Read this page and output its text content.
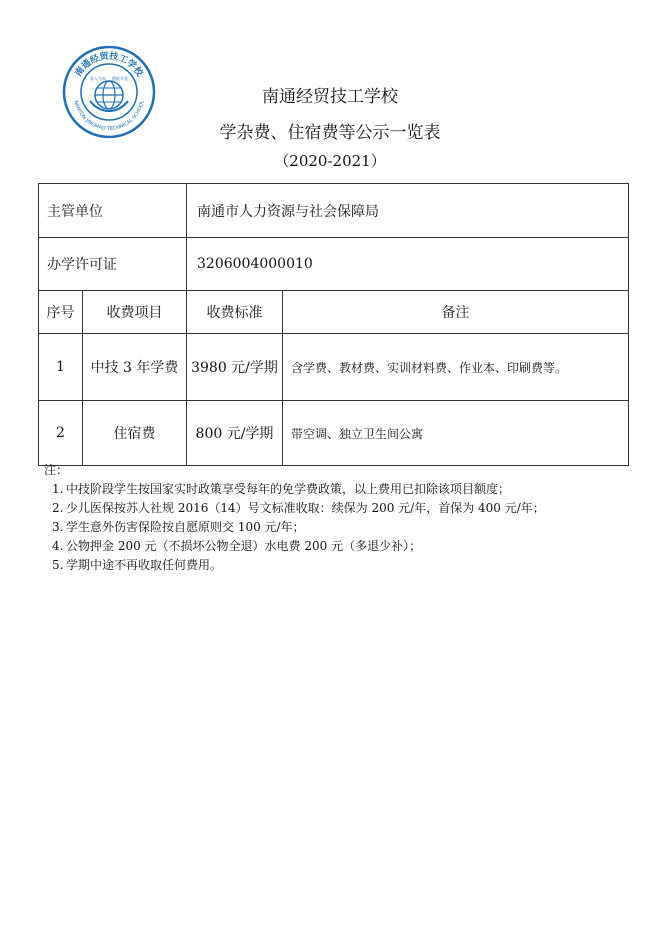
南通经贸技工学校
NANTON JINGMAO TECHNICAL SCHOOL
育人为本 德能并重
南通经贸技工学校
学杂费、住宿费等公示一览表
（2020-2021）
主管单位		南通市人力资源与社会保障局	
办学许可证		3206004000010	
序号	收费项目	收费标准	备注
1	中技 3 年学费	3980 元/学期	含学费、教材费、实训材料费、作业本、印刷费等。
2	住宿费	800 元/学期	带空调、独立卫生间公寓
注：
1. 中技阶段学生按国家实时政策享受每年的免学费政策，以上费用已扣除该项目额度；
2. 少儿医保按苏人社规 2016（14）号文标准收取：续保为 200 元/年，首保为 400 元/年；
3. 学生意外伤害保险按自愿原则交 100 元/年；
4. 公物押金 200 元（不损坏公物全退）水电费 200 元（多退少补）；
5. 学期中途不再收取任何费用。
